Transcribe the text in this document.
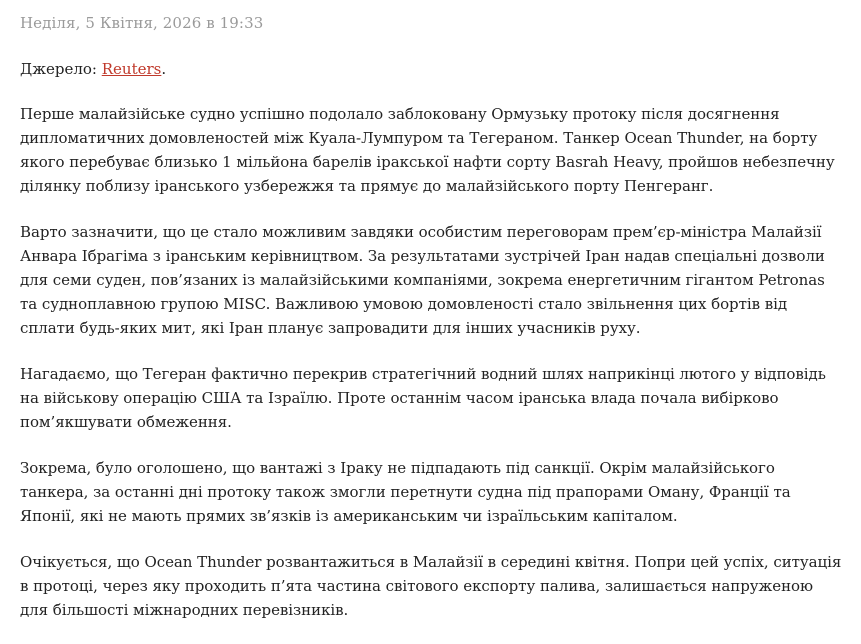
Неділя, 5 Квітня, 2026 в 19:33
Джерело: Reuters.

Перше малайзійське судно успішно подолало заблоковану Ормузьку протоку після досягнення дипломатичних домовленостей між Куала-Лумпуром та Тегераном. Танкер Ocean Thunder, на борту якого перебуває близько 1 мільйона барелів іракської нафти сорту Basrah Heavy, пройшов небезпечну ділянку поблизу іранського узбережжя та прямує до малайзійського порту Пенгеранг.

Варто зазначити, що це стало можливим завдяки особистим переговорам прем’єр-міністра Малайзії Анвара Ібрагіма з іранським керівництвом. За результатами зустрічей Іран надав спеціальні дозволи для семи суден, пов’язаних із малайзійськими компаніями, зокрема енергетичним гігантом Petronas та судноплавною групою MISC. Важливою умовою домовленості стало звільнення цих бортів від сплати будь-яких мит, які Іран планує запровадити для інших учасників руху.

Нагадаємо, що Тегеран фактично перекрив стратегічний водний шлях наприкінці лютого у відповідь на військову операцію США та Ізраїлю. Проте останнім часом іранська влада почала вибірково пом’якшувати обмеження.

Зокрема, було оголошено, що вантажі з Іраку не підпадають під санкції. Окрім малайзійського танкера, за останні дні протоку також змогли перетнути судна під прапорами Оману, Франції та Японії, які не мають прямих зв’язків із американським чи ізраїльським капіталом.

Очікується, що Ocean Thunder розвантажиться в Малайзії в середині квітня. Попри цей успіх, ситуація в протоці, через яку проходить п’ята частина світового експорту палива, залишається напруженою для більшості міжнародних перевізників.
